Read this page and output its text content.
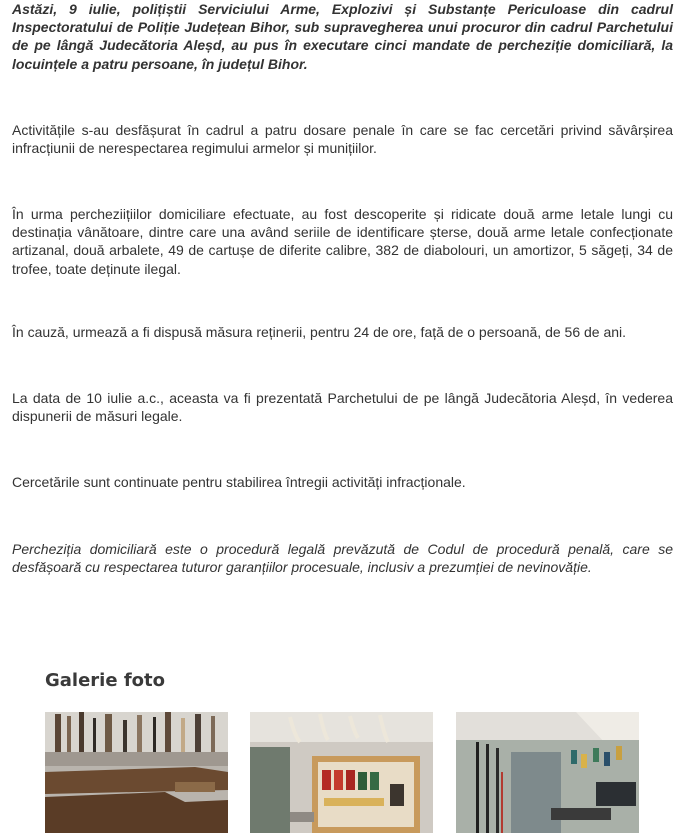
Astăzi, 9 iulie, polițiștii Serviciului Arme, Explozivi și Substanțe Periculoase din cadrul Inspectoratului de Poliție Județean Bihor, sub supravegherea unui procuror din cadrul Parchetului de pe lângă Judecătoria Aleșd, au pus în executare cinci mandate de percheziție domiciliară, la locuințele a patru persoane, în județul Bihor.

Activitățile s-au desfășurat în cadrul a patru dosare penale în care se fac cercetări privind săvârșirea infracțiunii de nerespectarea regimului armelor și munițiilor.

În urma percheziițiilor domiciliare efectuate, au fost descoperite și ridicate două arme letale lungi cu destinația vânătoare, dintre care una având seriile de identificare șterse, două arme letale confecționate artizanal, două arbalete, 49 de cartușe de diferite calibre, 382 de diabolouri, un amortizor, 5 săgeți, 34 de trofee, toate deținute ilegal.

În cauză, urmează a fi dispusă măsura reținerii, pentru 24 de ore, față de o persoană, de 56 de ani.

La data de 10 iulie a.c., aceasta va fi prezentată Parchetului de pe lângă Judecătoria Aleșd, în vederea dispunerii de măsuri legale.

Cercetările sunt continuate pentru stabilirea întregii activități infracționale.

Percheziția domiciliară este o procedură legală prevăzută de Codul de procedură penală, care se desfășoară cu respectarea tuturor garanțiilor procesuale, inclusiv a prezumției de nevinovăție.

Galerie foto
